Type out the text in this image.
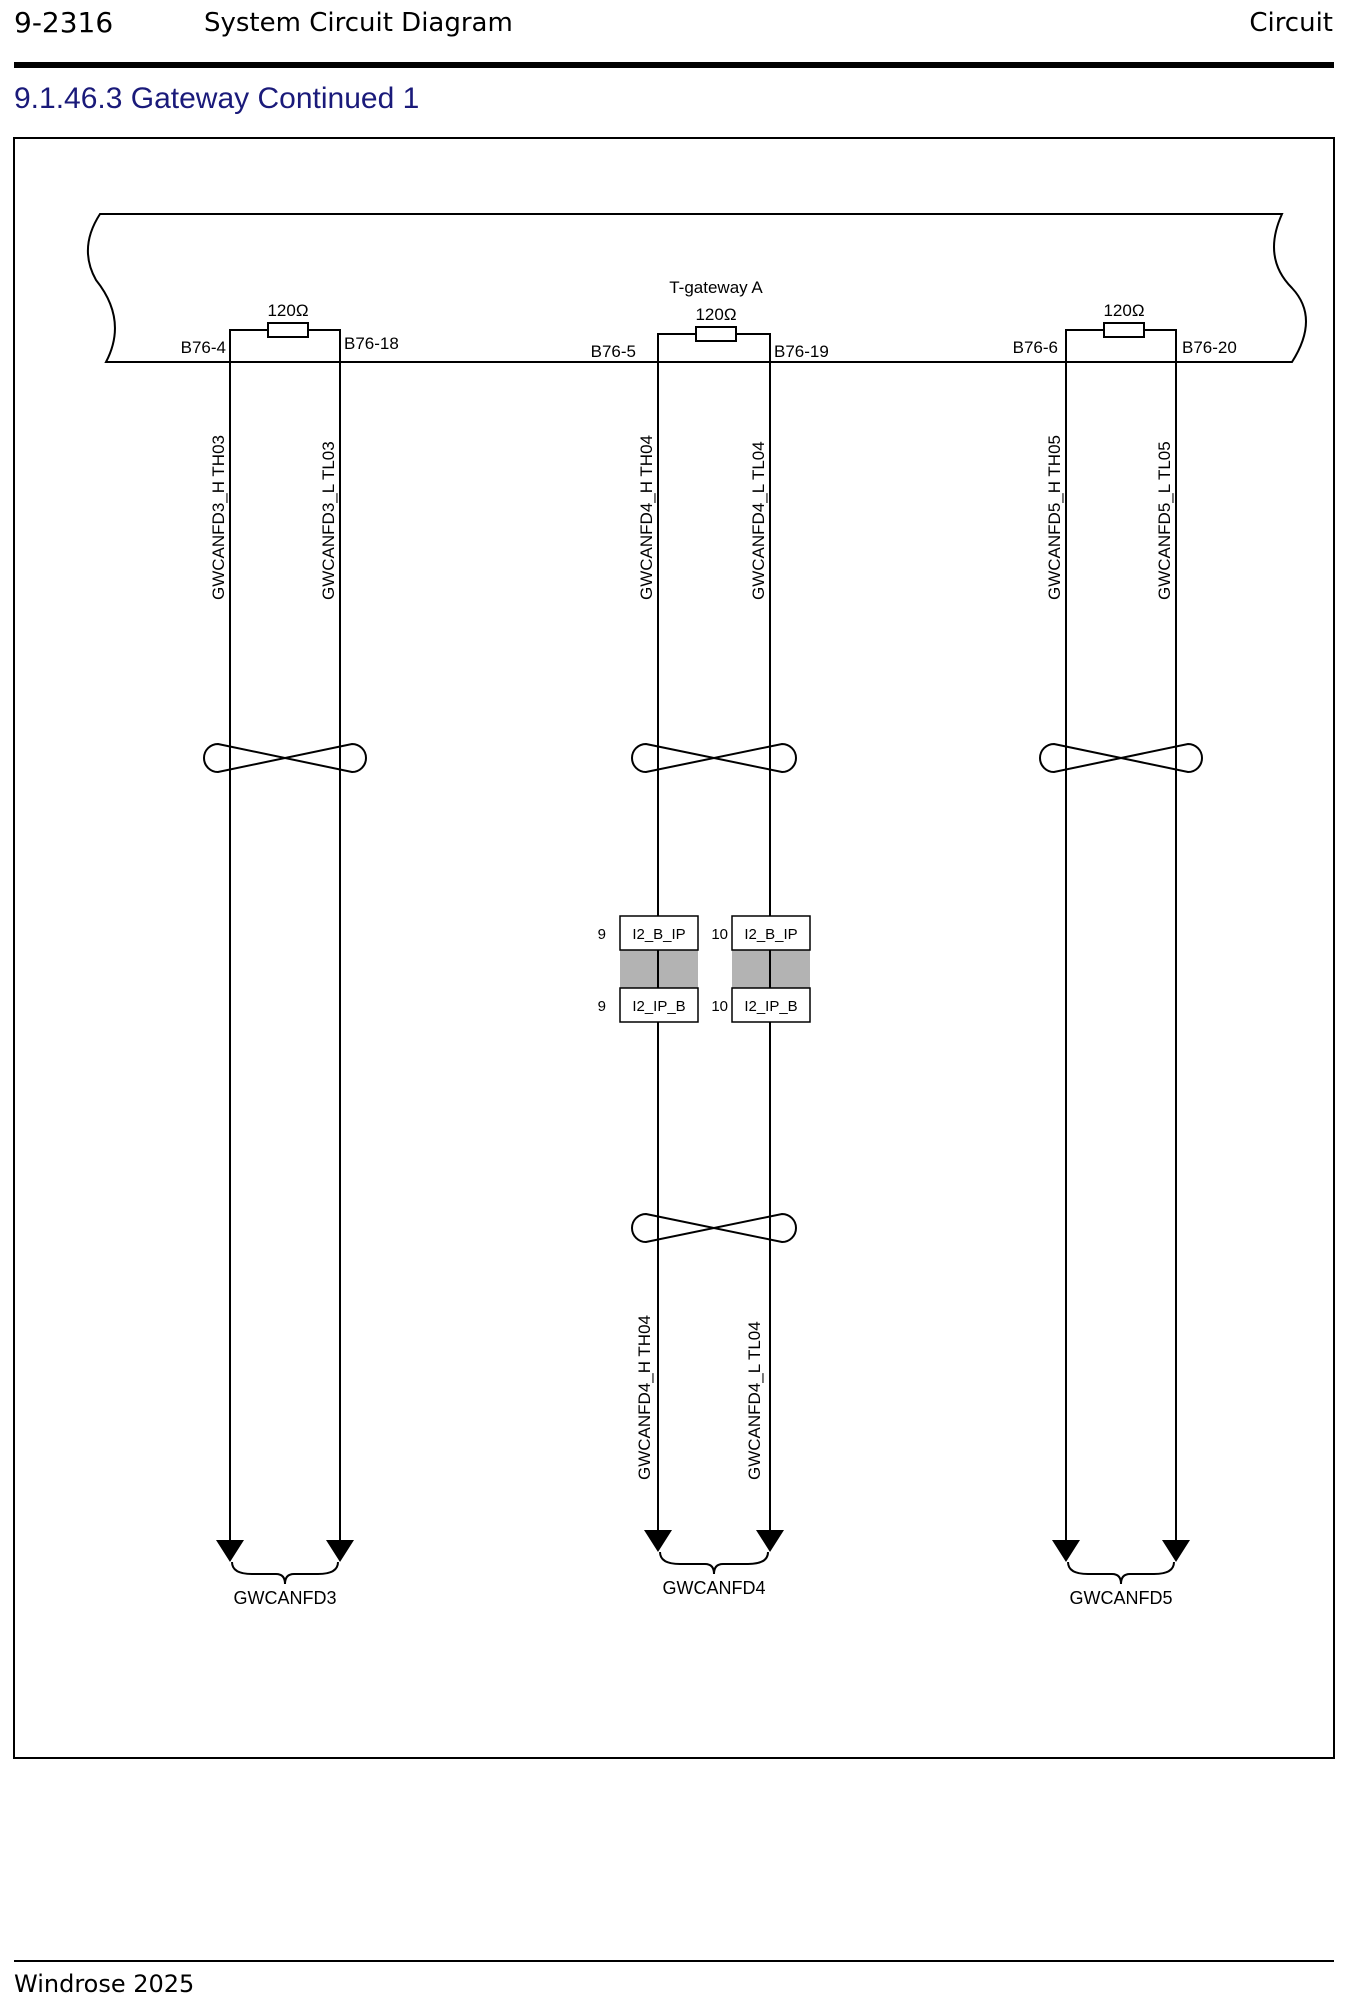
9-2316	System Circuit Diagram	Circuit
9.1.46.3 Gateway Continued 1
T-gateway A
120Ω
B76-4	B76-18
GWCANFD3_H TH03	GWCANFD3_L TL03
GWCANFD3
120Ω
B76-5	B76-19
GWCANFD4_H TH04	GWCANFD4_L TL04
I2_B_IP	I2_B_IP
I2_IP_B	I2_IP_B
9	10
9	10
GWCANFD4_H TH04	GWCANFD4_L TL04
GWCANFD4
120Ω
B76-6	B76-20
GWCANFD5_H TH05	GWCANFD5_L TL05
GWCANFD5
Windrose 2025
